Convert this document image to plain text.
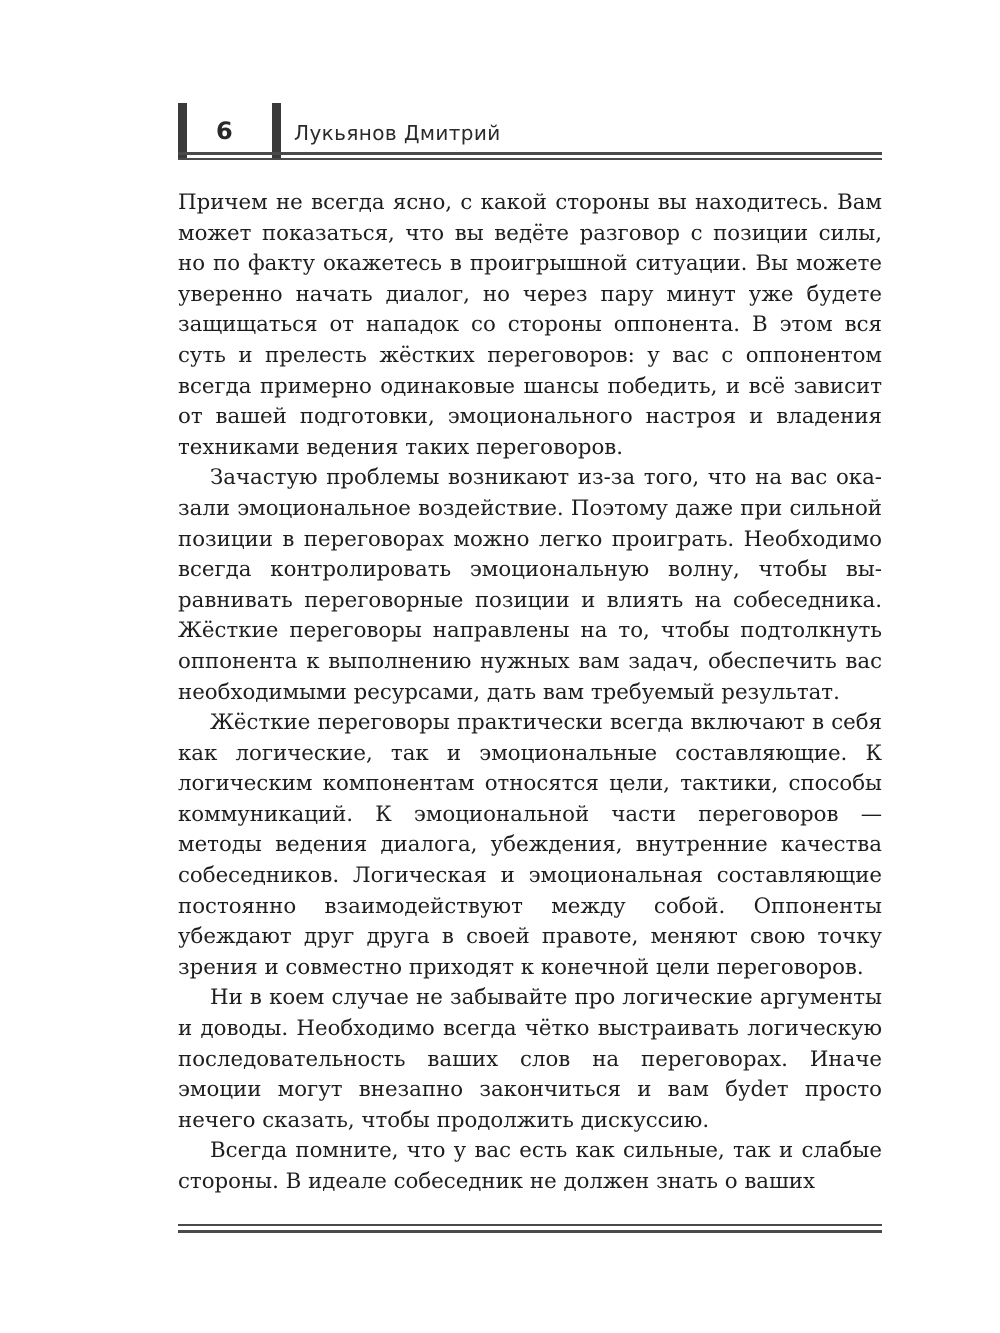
6	Лукьянов Дмитрий

Причем не всегда ясно, с какой стороны вы находитесь. Вам может показаться, что вы ведёте разговор с позиции силы, но по факту окажетесь в проигрышной ситуации. Вы можете уверенно начать диалог, но через пару минут уже будете защищаться от нападок со стороны оппонента. В этом вся суть и прелесть жёстких переговоров: у вас с оппонентом всегда примерно одинаковые шансы победить, и всё зависит от вашей подготовки, эмоционального настроя и владения техниками ведения таких переговоров.

Зачастую проблемы возникают из-за того, что на вас оказали эмоциональное воздействие. Поэтому даже при сильной позиции в переговорах можно легко проиграть. Необходимо всегда контролировать эмоциональную волну, чтобы выравнивать переговорные позиции и влиять на собеседника. Жёсткие переговоры направлены на то, чтобы подтолкнуть оппонента к выполнению нужных вам задач, обеспечить вас необходимыми ресурсами, дать вам требуемый результат.

Жёсткие переговоры практически всегда включают в себя как логические, так и эмоциональные составляющие. К логическим компонентам относятся цели, тактики, способы коммуникаций. К эмоциональной части переговоров — методы ведения диалога, убеждения, внутренние качества собеседников. Логическая и эмоциональная составляющие постоянно взаимодействуют между собой. Оппоненты убеждают друг друга в своей правоте, меняют свою точку зрения и совместно приходят к конечной цели переговоров.

Ни в коем случае не забывайте про логические аргументы и доводы. Необходимо всегда чётко выстраивать логическую последовательность ваших слов на переговорах. Иначе эмоции могут внезапно закончиться и вам буdет просто нечего сказать, чтобы продолжить дискуссию.

Всегда помните, что у вас есть как сильные, так и слабые стороны. В идеале собеседник не должен знать о ваших
